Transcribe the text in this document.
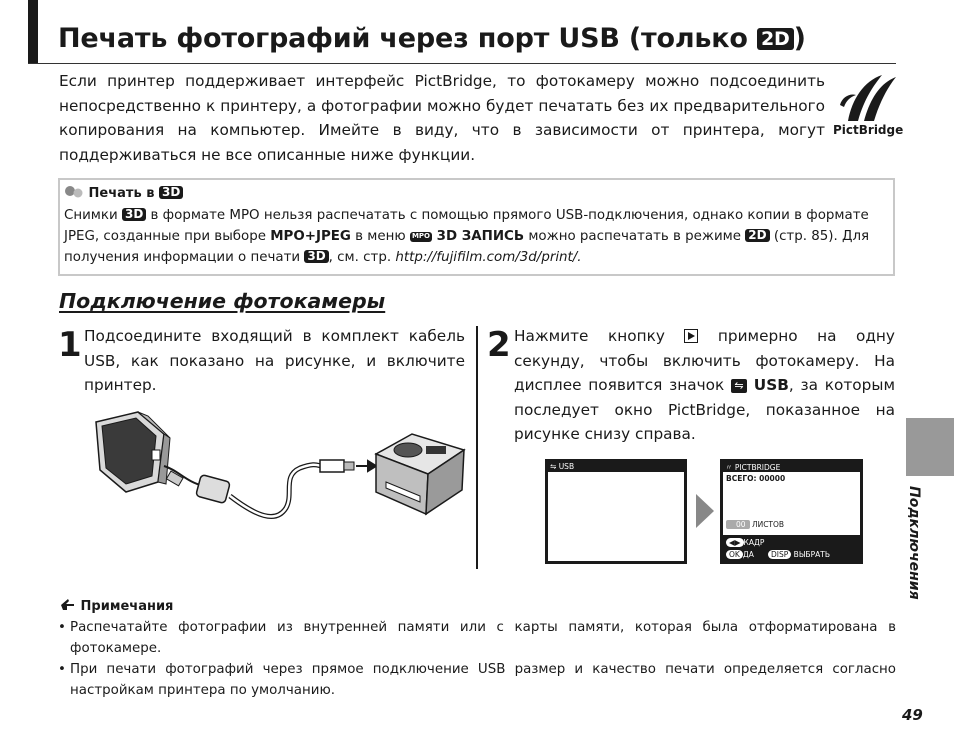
Печать фотографий через порт USB (только 2D )
Если принтер поддерживает интерфейс PictBridge, то фотокамеру можно подсоединить непосредственно к принтеру, а фотографии можно будет печатать без их предварительного копирования на компьютер. Имейте в виду, что в зависимости от принтера, могут поддерживаться не все описанные ниже функции.
PictBridge
Печать в 3D
Снимки 3D в формате MPO нельзя распечатать с помощью прямого USB-подключения, однако копии в формате JPEG, созданные при выборе MPO+JPEG в меню MPO 3D ЗАПИСЬ можно распечатать в режиме 2D (стр. 85). Для получения информации о печати 3D , см. стр. http://fujifilm.com/3d/print/.
Подключение фотокамеры
1 Подсоедините входящий в комплект кабель USB, как показано на рисунке, и включите принтер.
2 Нажмите кнопку
примерно на одну секунду, чтобы включить фотокамеру. На дисплее появится значок ⇋ USB, за которым последует окно PictBridge, показанное на рисунке снизу справа.
⇋ USB	〃 PICTBRIDGE
ВСЕГО: 00000
00 ЛИСТОВ
◀▶ КАДР
OK ДА	DISP ВЫБРАТЬ
Примечания

• Распечатайте фотографии из внутренней памяти или с карты памяти, которая была отформатирована в фотокамере.

• При печати фотографий через прямое подключение USB размер и качество печати определяется согласно настройкам принтера по умолчанию.

Подключения
49
